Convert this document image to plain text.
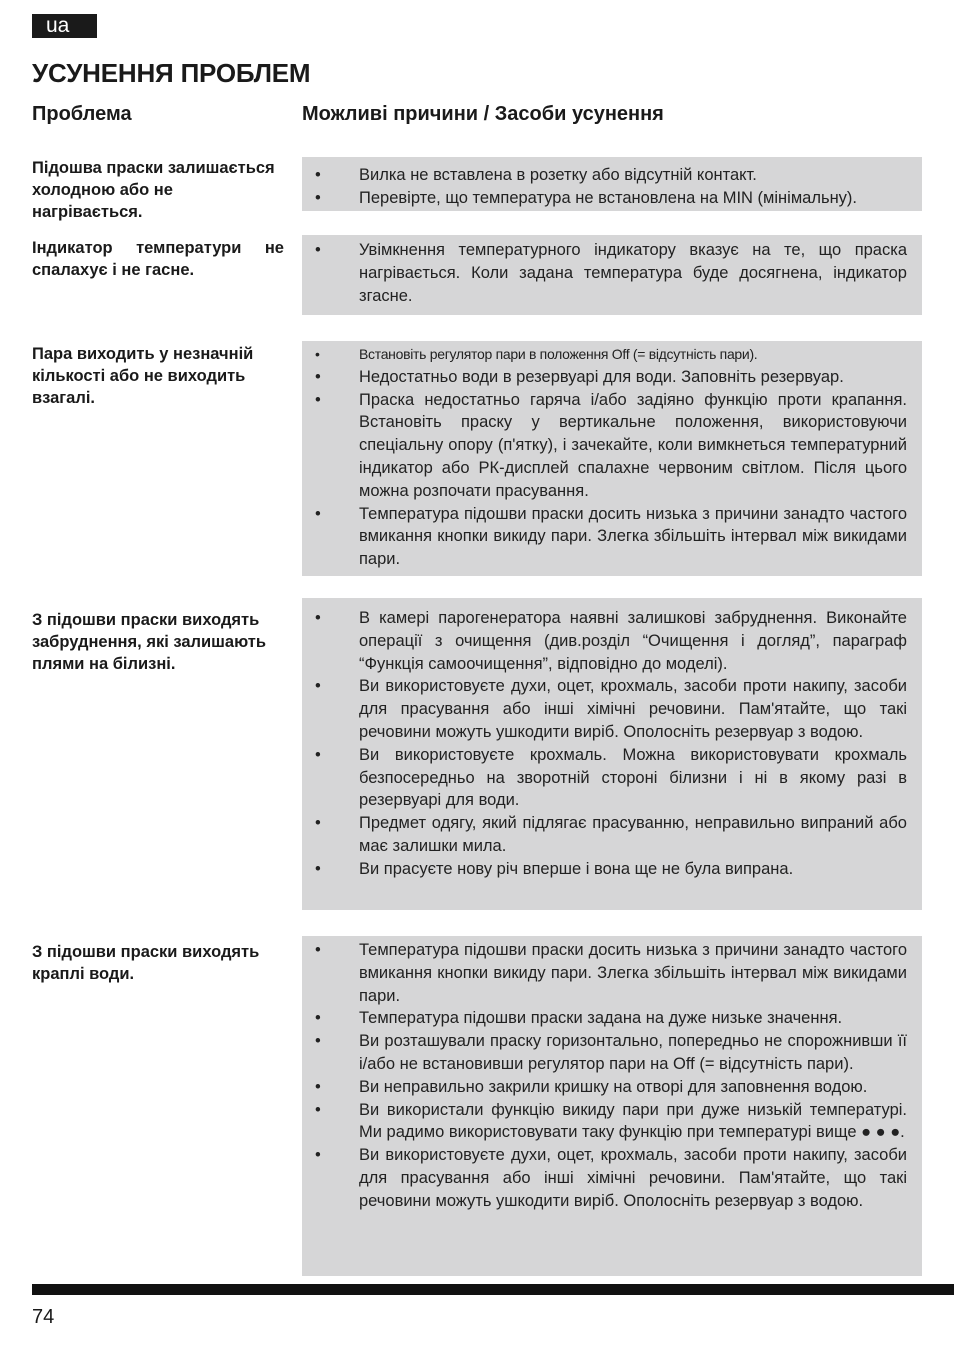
ua
УСУНЕННЯ ПРОБЛЕМ
Проблема	Можливі причини / Засоби усунення

Підошва праски залишається холодною або не нагрівається.

• Вилка не вставлена в розетку або відсутній контакт.
• Перевірте, що температура не встановлена на MIN (мінімальну).

Індикатор температури не спалахує і не гасне.

• Увімкнення температурного індикатору вказує на те, що праска нагрівається. Коли задана температура буде досягнена, індикатор згасне.

Пара виходить у незначній кількості або не виходить взагалі.

•	Встановіть регулятор пари в положення Off (= відсутність пари).
• Недостатньо води в резервуарі для води. Заповніть резервуар.
• Праска недостатньо гаряча і/або задіяно функцію проти крапання. Встановіть праску у вертикальне положення, використовуючи спеціальну опору (п'ятку), і зачекайте, коли вимкнеться температурний індикатор або РК-дисплей спалахне червоним світлом. Після цього можна розпочати прасування.
• Температура підошви праски досить низька з причини занадто частого вмикання кнопки викиду пари. Злегка збільшіть інтервал між викидами пари.

З підошви праски виходять забруднення, які залишають плями на білизні.

• В камері парогенератора наявні залишкові забруднення. Виконайте операції з очищення (див.розділ “Очищення і догляд”, параграф “Функція самоочищення”, відповідно до моделі).
• Ви використовуєте духи, оцет, крохмаль, засоби проти накипу, засоби для прасування або інші хімічні речовини. Пам'ятайте, що такі речовини можуть ушкодити виріб. Ополосніть резервуар з водою.
• Ви використовуєте крохмаль. Можна використовувати крохмаль безпосередньо на зворотній стороні білизни і ні в якому разі в резервуарі для води.
• Предмет одягу, який підлягає прасуванню, неправильно випраний або має залишки мила.
• Ви прасуєте нову річ вперше і вона ще не була випрана.

З підошви праски виходять краплі води.

• Температура підошви праски досить низька з причини занадто частого вмикання кнопки викиду пари. Злегка збільшіть інтервал між викидами пари.
• Температура підошви праски задана на дуже низьке значення.
• Ви розташували праску горизонтально, попередньо не спорожнивши її і/або не встановивши регулятор пари на Off (= відсутність пари).
• Ви неправильно закрили кришку на отворі для заповнення водою.
• Ви використали функцію викиду пари при дуже низькій температурі. Ми радимо використовувати таку функцію при температурі вище ● ● ●.
• Ви використовуєте духи, оцет, крохмаль, засоби проти накипу, засоби для прасування або інші хімічні речовини. Пам'ятайте, що такі речовини можуть ушкодити виріб. Ополосніть резервуар з водою.
74
